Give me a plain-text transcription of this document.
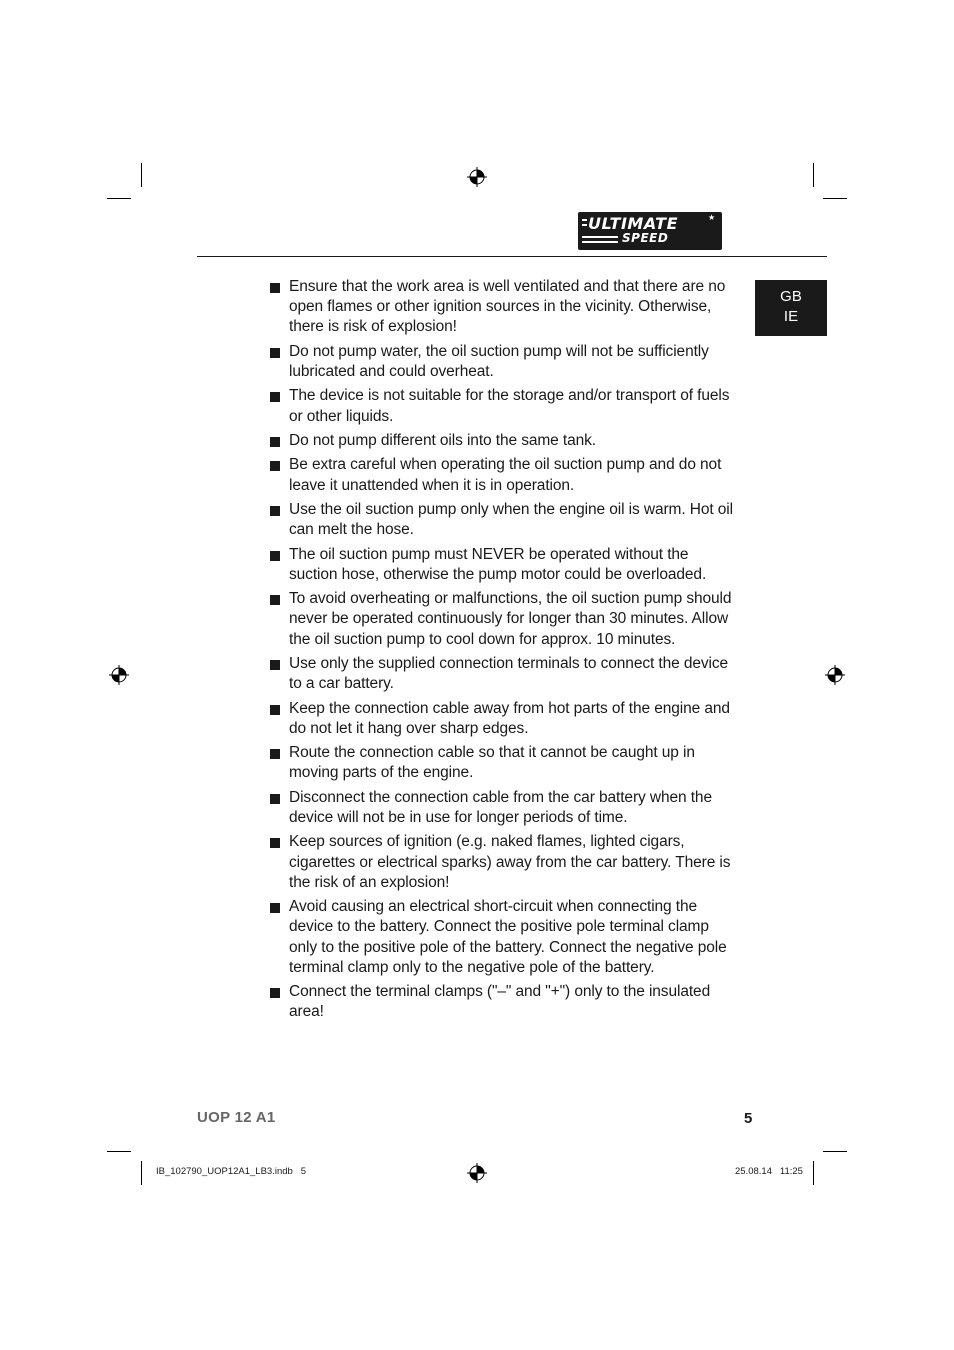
ULTIMATE
SPEED
★
GB
IE
Ensure that the work area is well ventilated and that there are no open flames or other ignition sources in the vicinity. Otherwise, there is risk of explosion!
Do not pump water, the oil suction pump will not be sufficiently lubricated and could overheat.
The device is not suitable for the storage and/or transport of fuels or other liquids.
Do not pump different oils into the same tank.
Be extra careful when operating the oil suction pump and do not leave it unattended when it is in operation.
Use the oil suction pump only when the engine oil is warm. Hot oil can melt the hose.
The oil suction pump must NEVER be operated without the suction hose, otherwise the pump motor could be overloaded.
To avoid overheating or malfunctions, the oil suction pump should never be operated continuously for longer than 30 minutes. Allow the oil suction pump to cool down for approx. 10 minutes.
Use only the supplied connection terminals to connect the device to a car battery.
Keep the connection cable away from hot parts of the engine and do not let it hang over sharp edges.
Route the connection cable so that it cannot be caught up in moving parts of the engine.
Disconnect the connection cable from the car battery when the device will not be in use for longer periods of time.
Keep sources of ignition (e.g. naked flames, lighted cigars, cigarettes or electrical sparks) away from the car battery. There is the risk of an explosion!
Avoid causing an electrical short-circuit when connecting the device to the battery. Connect the positive pole terminal clamp only to the positive pole of the battery. Connect the negative pole terminal clamp only to the negative pole of the battery.
Connect the terminal clamps ("–" and "+") only to the insulated area!
UOP 12 A1	5
IB_102790_UOP12A1_LB3.indb   5	25.08.14   11:25
